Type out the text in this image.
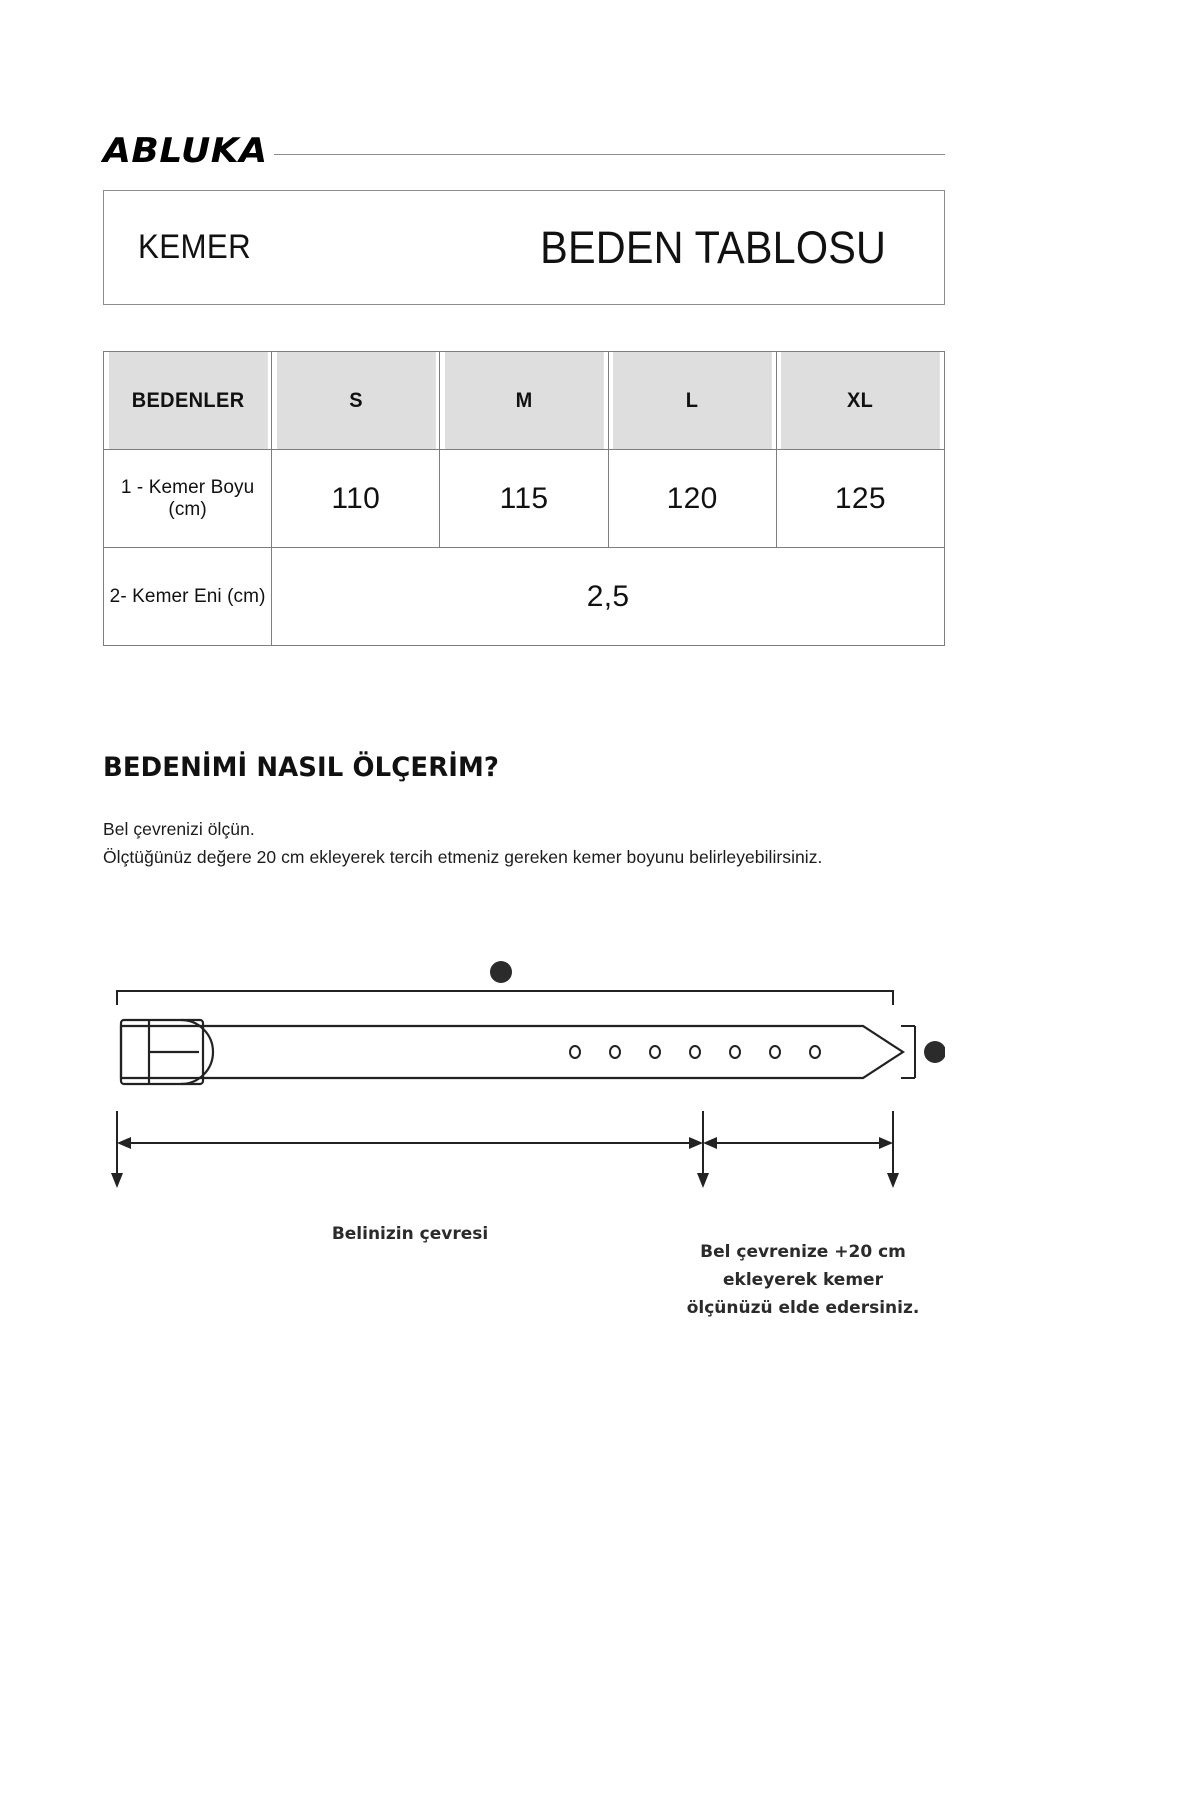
ABLUKA
KEMER	BEDEN TABLOSU
BEDENLER	S	M	L	XL
1 - Kemer Boyu (cm)	110	115	120	125
2- Kemer Eni (cm)	2,5			
BEDENİMİ NASIL ÖLÇERİM?
Bel çevrenizi ölçün.
Ölçtüğünüz değere 20 cm ekleyerek tercih etmeniz gereken kemer boyunu belirleyebilirsiniz.
1
2
Belinizin çevresi
Bel çevrenize +20 cm
ekleyerek kemer
ölçünüzü elde edersiniz.
